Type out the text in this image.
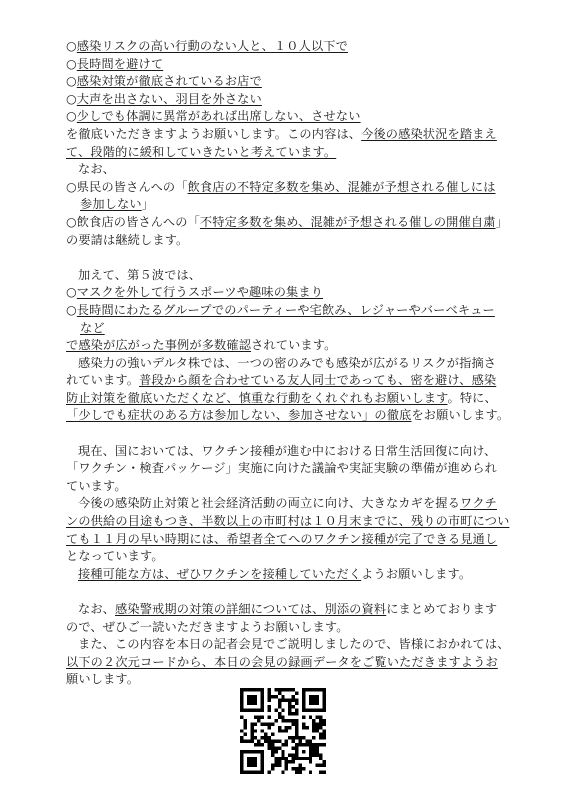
○感染リスクの高い行動のない人と、１０人以下で
○長時間を避けて
○感染対策が徹底されているお店で
○大声を出さない、羽目を外さない
○少しでも体調に異常があれば出席しない、させない
を徹底いただきますようお願いします。この内容は、今後の感染状況を踏まえ
て、段階的に緩和していきたいと考えています。
なお、
○県民の皆さんへの「飲食店の不特定多数を集め、混雑が予想される催しには
参加しない」
○飲食店の皆さんへの「不特定多数を集め、混雑が予想される催しの開催自粛」
の要請は継続します。
加えて、第５波では、
○マスクを外して行うスポーツや趣味の集まり
○長時間にわたるグループでのパーティーや宅飲み、レジャーやバーベキュー
など
で感染が広がった事例が多数確認されています。
感染力の強いデルタ株では、一つの密のみでも感染が広がるリスクが指摘さ
れています。普段から顔を合わせている友人同士であっても、密を避け、感染
防止対策を徹底いただくなど、慎重な行動をくれぐれもお願いします。特に、
「少しでも症状のある方は参加しない、参加させない」の徹底をお願いします。
現在、国においては、ワクチン接種が進む中における日常生活回復に向け、
「ワクチン・検査パッケージ」実施に向けた議論や実証実験の準備が進められ
ています。
今後の感染防止対策と社会経済活動の両立に向け、大きなカギを握るワクチ
ンの供給の目途もつき、半数以上の市町村は１０月末までに、残りの市町につい
ても１１月の早い時期には、希望者全てへのワクチン接種が完了できる見通し
となっています。
接種可能な方は、ぜひワクチンを接種していただくようお願いします。
なお、感染警戒期の対策の詳細については、別添の資料にまとめております
ので、ぜひご一読いただきますようお願いします。
また、この内容を本日の記者会見でご説明しましたので、皆様におかれては、
以下の２次元コードから、本日の会見の録画データをご覧いただきますようお
願いします。
